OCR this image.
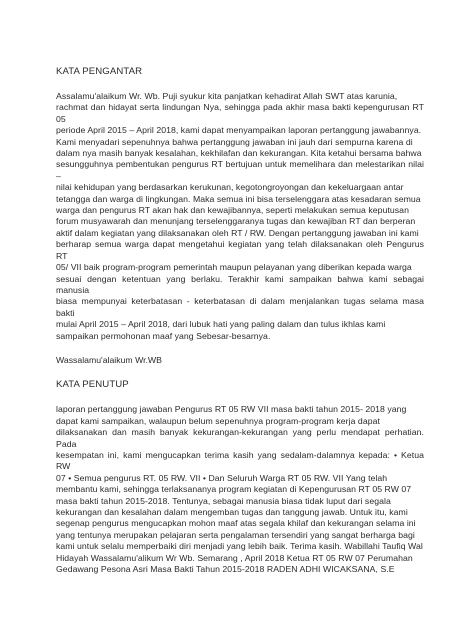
KATA PENGANTAR

Assalamu'alaikum Wr. Wb. Puji syukur kita panjatkan kehadirat Allah SWT atas karunia,
rachmat dan hidayat serta lindungan Nya, sehingga pada akhir masa bakti kepengurusan RT 05
periode April 2015 – April 2018, kami dapat menyampaikan laporan pertanggung jawabannya.
Kami menyadari sepenuhnya bahwa pertanggung jawaban ini jauh dari sempurna karena di
dalam nya masih banyak kesalahan, kekhilafan dan kekurangan. Kita ketahui bersama bahwa
sesungguhnya pembentukan pengurus RT bertujuan untuk memelihara dan melestarikan nilai –
nilai kehidupan yang berdasarkan kerukunan, kegotongroyongan dan kekeluargaan antar
tetangga dan warga di lingkungan. Maka semua ini bisa terselenggara atas kesadaran semua
warga dan pengurus RT akan hak dan kewajibannya, seperti melakukan semua keputusan
forum musyawarah dan menunjang terselenggaranya tugas dan kewajiban RT dan berperan
aktif dalam kegiatan yang dilaksanakan oleh RT / RW. Dengan pertanggung jawaban ini kami
berharap semua warga dapat mengetahui kegiatan yang telah dilaksanakan oleh Pengurus RT
05/ VII baik program-program pemerintah maupun pelayanan yang diberikan kepada warga
sesuai dengan ketentuan yang berlaku. Terakhir kami sampaikan bahwa kami sebagai manusia
biasa mempunyai keterbatasan - keterbatasan di dalam menjalankan tugas selama masa bakti
mulai April 2015 – April 2018, dari lubuk hati yang paling dalam dan tulus ikhlas kami
sampaikan permohonan maaf yang Sebesar-besarnya.

Wassalamu'alaikum Wr.WB

KATA PENUTUP

laporan pertanggung jawaban Pengurus RT 05 RW VII masa bakti tahun 2015- 2018 yang
dapat kami sampaikan, walaupun belum sepenuhnya program-program kerja dapat
dilaksanakan dan masih banyak kekurangan-kekurangan yang perlu mendapat perhatian. Pada
kesempatan ini, kami mengucapkan terima kasih yang sedalam-dalamnya kepada: • Ketua RW
07 • Semua pengurus RT. 05 RW. VII • Dan Seluruh Warga RT 05 RW. VII Yang telah
membantu kami, sehingga terlaksananya program kegiatan di Kepengurusan RT 05 RW 07
masa bakti tahun 2015-2018. Tentunya, sebagai manusia biasa tidak luput dari segala
kekurangan dan kesalahan dalam mengemban tugas dan tanggung jawab. Untuk itu, kami
segenap pengurus mengucapkan mohon maaf atas segala khilaf dan kekurangan selama ini
yang tentunya merupakan pelajaran serta pengalaman tersendiri yang sangat berharga bagi
kami untuk selalu memperbaiki diri menjadi yang lebih baik. Terima kasih. Wabillahi Taufiq Wal
Hidayah Wassalamu'alikum Wr Wb. Semarang , April 2018 Ketua RT 05 RW 07 Perumahan
Gedawang Pesona Asri Masa Bakti Tahun 2015-2018 RADEN ADHI WICAKSANA, S.E
